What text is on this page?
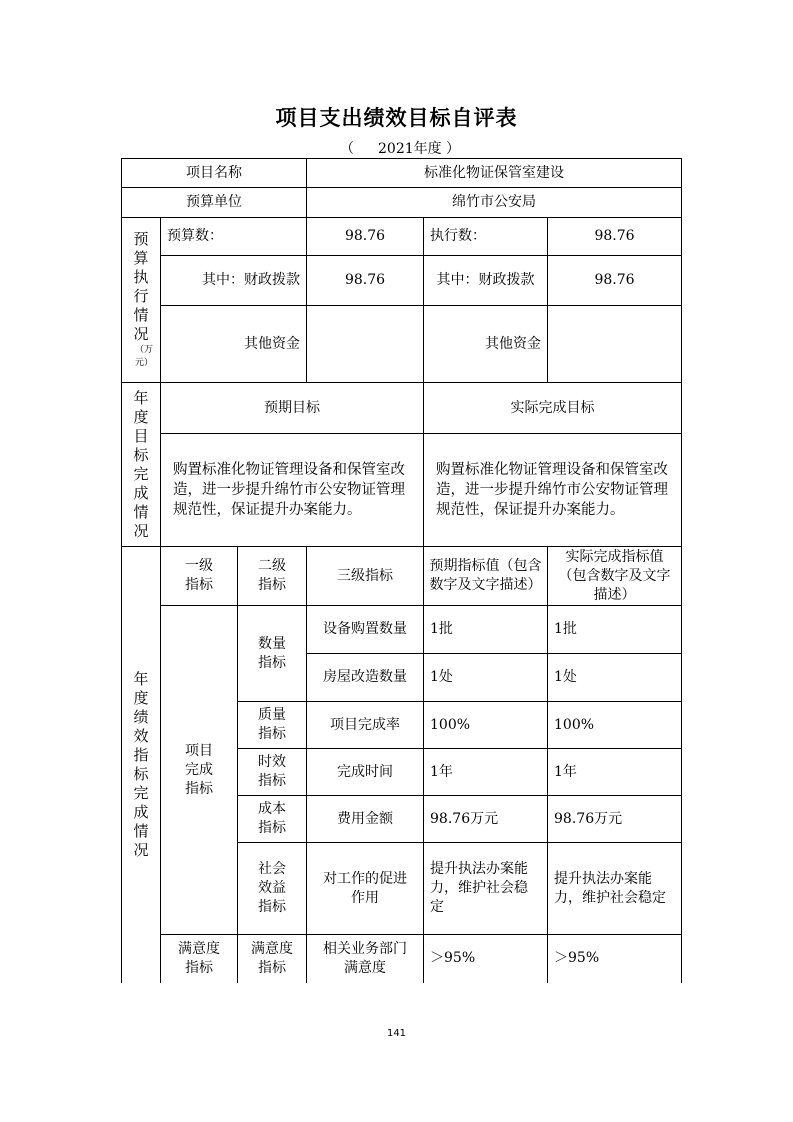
项目支出绩效目标自评表
（ 2021年度 ）
项目名称			标准化物证保管室建设		
预算单位			绵竹市公安局		

预算执行情况
（万元）	预算数：		98.76	执行数：	98.76
	其中：财政拨款		98.76	其中：财政拨款	98.76
	其他资金			其他资金	

年度目标完成情况	预期目标			实际完成目标	
	购置标准化物证管理设备和保管室改造，进一步提升绵竹市公安物证管理规范性，保证提升办案能力。			购置标准化物证管理设备和保管室改造，进一步提升绵竹市公安物证管理规范性，保证提升办案能力。	

年度绩效指标完成情况	一级指标	二级指标	三级指标	预期指标值（包含数字及文字描述）	实际完成指标值（包含数字及文字描述）
	项目完成指标	数量指标	设备购置数量	1批	1批
			房屋改造数量	1处	1处
		质量指标	项目完成率	100%	100%
		时效指标	完成时间	1年	1年
		成本指标	费用金额	98.76万元	98.76万元
		社会效益指标	对工作的促进作用	提升执法办案能力，维护社会稳定	提升执法办案能力，维护社会稳定

	满意度指标	满意度指标	相关业务部门满意度	＞95%	＞95%
141
